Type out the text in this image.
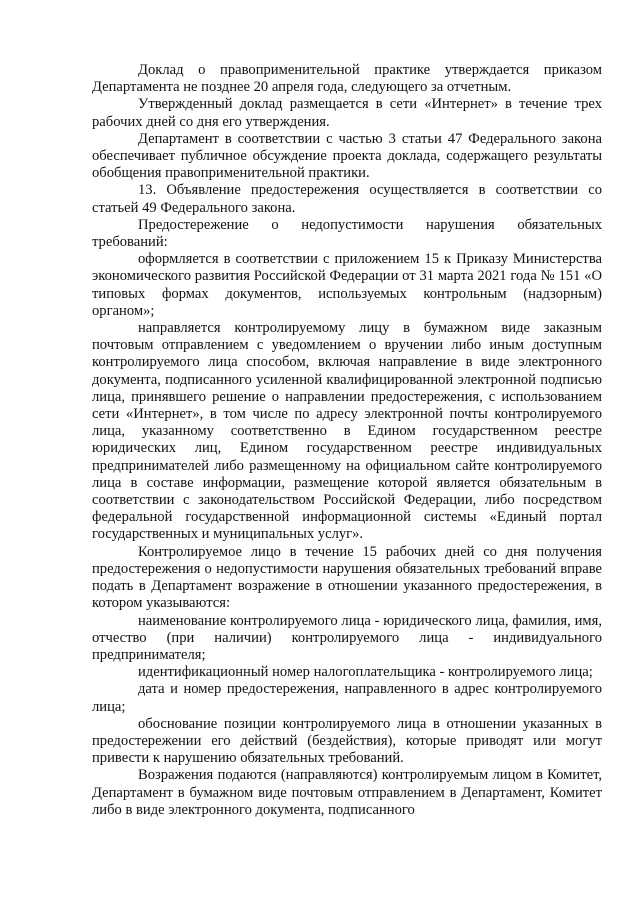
Доклад о правоприменительной практике утверждается приказом Департамента не позднее 20 апреля года, следующего за отчетным.

Утвержденный доклад размещается в сети «Интернет» в течение трех рабочих дней со дня его утверждения.

Департамент в соответствии с частью 3 статьи 47 Федерального закона обеспечивает публичное обсуждение проекта доклада, содержащего результаты обобщения правоприменительной практики.

13. Объявление предостережения осуществляется в соответствии со статьей 49 Федерального закона.

Предостережение о недопустимости нарушения обязательных требований:

оформляется в соответствии с приложением 15 к Приказу Министерства экономического развития Российской Федерации от 31 марта 2021 года № 151 «О типовых формах документов, используемых контрольным (надзорным) органом»;

направляется контролируемому лицу в бумажном виде заказным почтовым отправлением с уведомлением о вручении либо иным доступным контролируемого лица способом, включая направление в виде электронного документа, подписанного усиленной квалифицированной электронной подписью лица, принявшего решение о направлении предостережения, с использованием сети «Интернет», в том числе по адресу электронной почты контролируемого лица, указанному соответственно в Едином государственном реестре юридических лиц, Едином государственном реестре индивидуальных предпринимателей либо размещенному на официальном сайте контролируемого лица в составе информации, размещение которой является обязательным в соответствии с законодательством Российской Федерации, либо посредством федеральной государственной информационной системы «Единый портал государственных и муниципальных услуг».

Контролируемое лицо в течение 15 рабочих дней со дня получения предостережения о недопустимости нарушения обязательных требований вправе подать в Департамент возражение в отношении указанного предостережения, в котором указываются:

наименование контролируемого лица - юридического лица, фамилия, имя, отчество (при наличии) контролируемого лица - индивидуального предпринимателя;

идентификационный номер налогоплательщика - контролируемого лица;

дата и номер предостережения, направленного в адрес контролируемого лица;

обоснование позиции контролируемого лица в отношении указанных в предостережении его действий (бездействия), которые приводят или могут привести к нарушению обязательных требований.

Возражения подаются (направляются) контролируемым лицом в Комитет, Департамент в бумажном виде почтовым отправлением в Департамент, Комитет либо в виде электронного документа, подписанного
